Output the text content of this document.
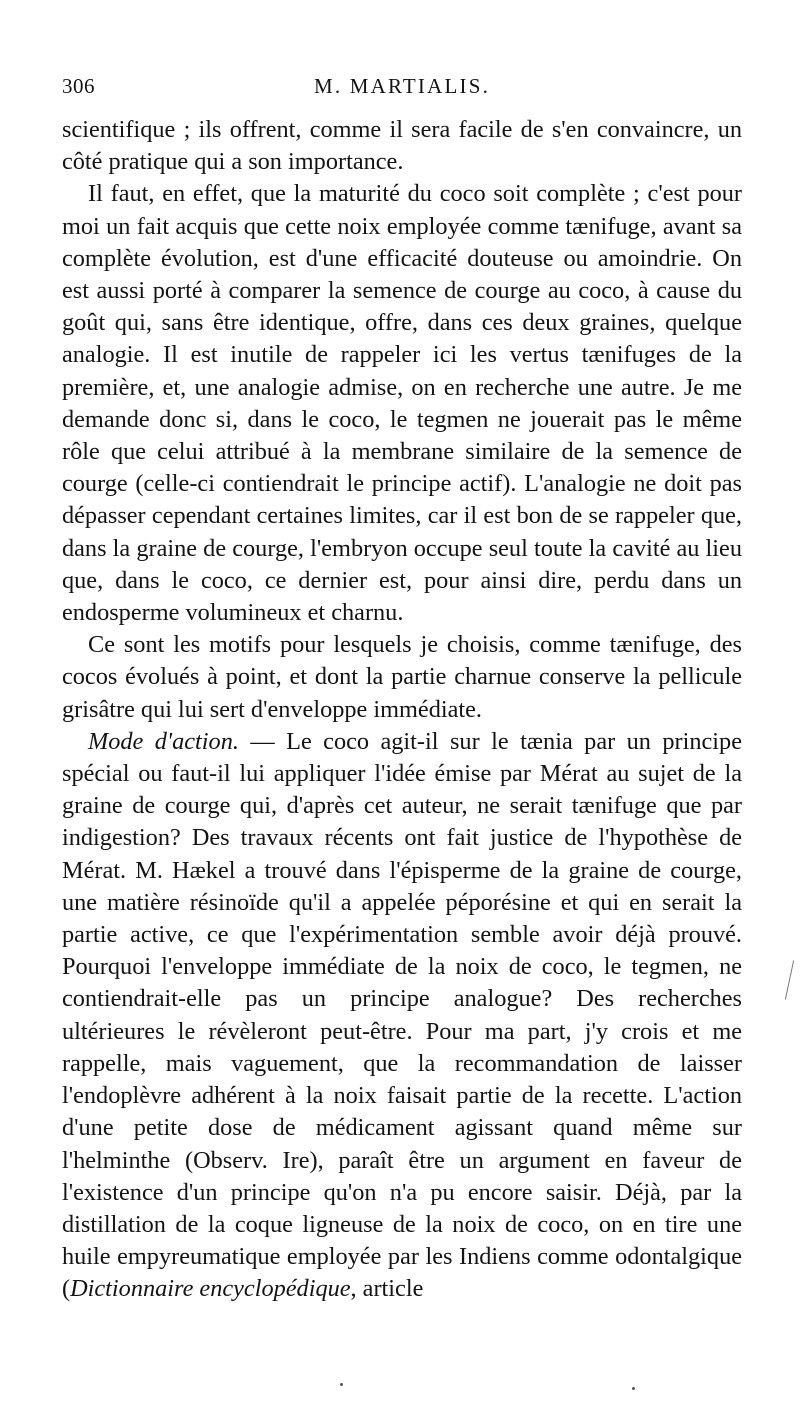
306	M. MARTIALIS.

scientifique ; ils offrent, comme il sera facile de s'en convaincre, un côté pratique qui a son importance.

Il faut, en effet, que la maturité du coco soit complète ; c'est pour moi un fait acquis que cette noix employée comme tænifuge, avant sa complète évolution, est d'une efficacité douteuse ou amoindrie. On est aussi porté à comparer la semence de courge au coco, à cause du goût qui, sans être identique, offre, dans ces deux graines, quelque analogie. Il est inutile de rappeler ici les vertus tænifuges de la première, et, une analogie admise, on en recherche une autre. Je me demande donc si, dans le coco, le tegmen ne jouerait pas le même rôle que celui attribué à la membrane similaire de la semence de courge (celle-ci contiendrait le principe actif). L'analogie ne doit pas dépasser cependant certaines limites, car il est bon de se rappeler que, dans la graine de courge, l'embryon occupe seul toute la cavité au lieu que, dans le coco, ce dernier est, pour ainsi dire, perdu dans un endosperme volumineux et charnu.

Ce sont les motifs pour lesquels je choisis, comme tænifuge, des cocos évolués à point, et dont la partie charnue conserve la pellicule grisâtre qui lui sert d'enveloppe immédiate.

Mode d'action. — Le coco agit-il sur le tænia par un principe spécial ou faut-il lui appliquer l'idée émise par Mérat au sujet de la graine de courge qui, d'après cet auteur, ne serait tænifuge que par indigestion? Des travaux récents ont fait justice de l'hypothèse de Mérat. M. Hækel a trouvé dans l'épisperme de la graine de courge, une matière résinoïde qu'il a appelée péporésine et qui en serait la partie active, ce que l'expérimentation semble avoir déjà prouvé. Pourquoi l'enveloppe immédiate de la noix de coco, le tegmen, ne contiendrait-elle pas un principe analogue? Des recherches ultérieures le révèleront peut-être. Pour ma part, j'y crois et me rappelle, mais vaguement, que la recommandation de laisser l'endoplèvre adhérent à la noix faisait partie de la recette. L'action d'une petite dose de médicament agissant quand même sur l'helminthe (Observ. Ire), paraît être un argument en faveur de l'existence d'un principe qu'on n'a pu encore saisir. Déjà, par la distillation de la coque ligneuse de la noix de coco, on en tire une huile empyreumatique employée par les Indiens comme odontalgique (Dictionnaire encyclopédique, article
